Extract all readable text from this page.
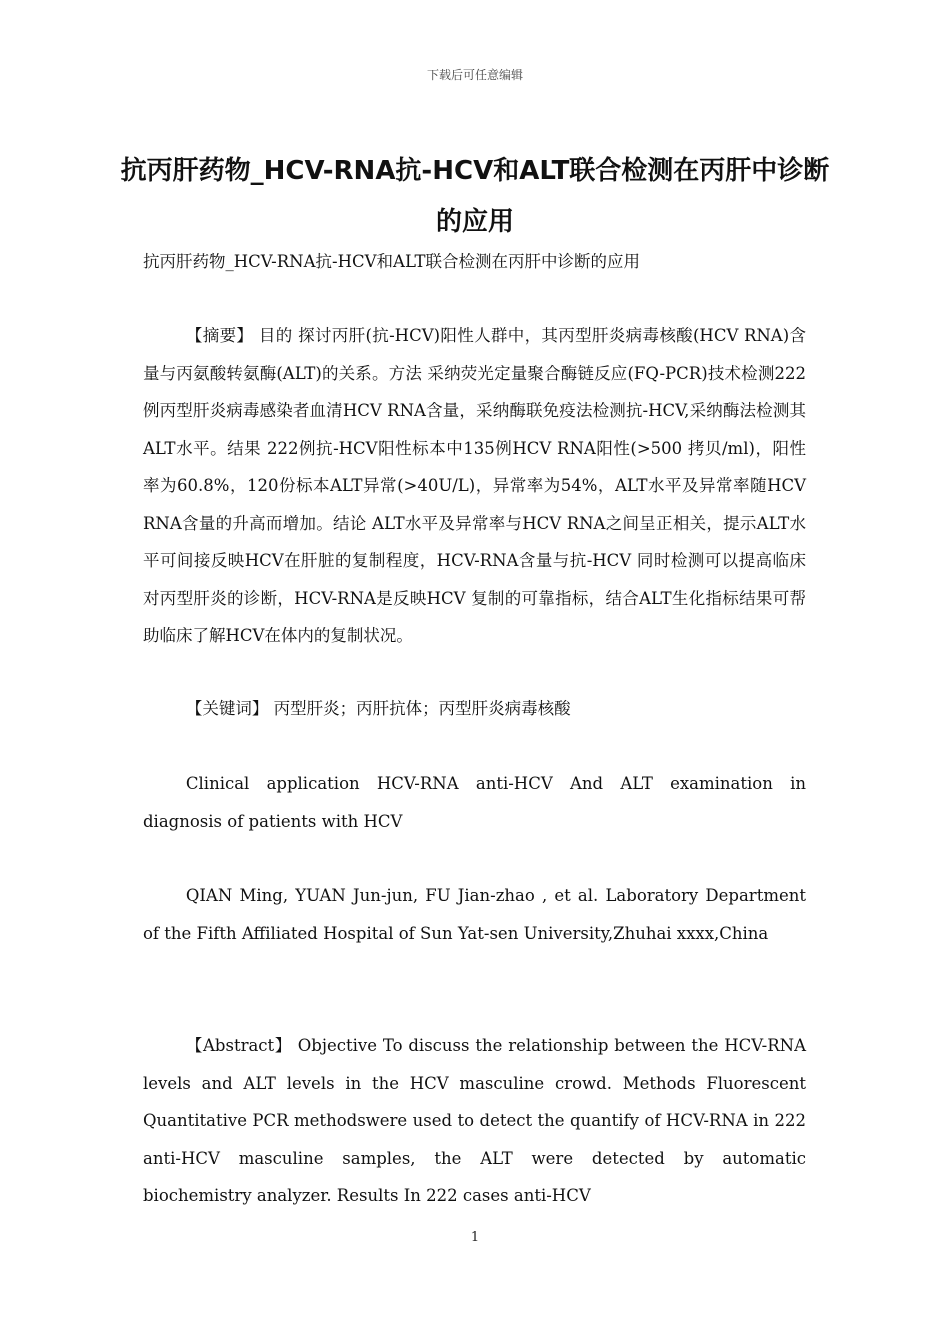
下载后可任意编辑
抗丙肝药物_HCV-RNA抗-HCV和ALT联合检测在丙肝中诊断的应用
抗丙肝药物_HCV-RNA抗-HCV和ALT联合检测在丙肝中诊断的应用

【摘要】 目的 探讨丙肝(抗-HCV)阳性人群中，其丙型肝炎病毒核酸(HCV RNA)含量与丙氨酸转氨酶(ALT)的关系。方法 采纳荧光定量聚合酶链反应(FQ-PCR)技术检测222例丙型肝炎病毒感染者血清HCV RNA含量，采纳酶联免疫法检测抗-HCV,采纳酶法检测其ALT水平。结果 222例抗-HCV阳性标本中135例HCV RNA阳性(>500 拷贝/ml)，阳性率为60.8%，120份标本ALT异常(>40U/L)，异常率为54%，ALT水平及异常率随HCV RNA含量的升高而增加。结论 ALT水平及异常率与HCV RNA之间呈正相关，提示ALT水平可间接反映HCV在肝脏的复制程度，HCV-RNA含量与抗-HCV 同时检测可以提高临床对丙型肝炎的诊断，HCV-RNA是反映HCV 复制的可靠指标，结合ALT生化指标结果可帮助临床了解HCV在体内的复制状况。

【关键词】 丙型肝炎；丙肝抗体；丙型肝炎病毒核酸

Clinical application HCV-RNA anti-HCV And ALT examination in diagnosis of patients with HCV

QIAN Ming, YUAN Jun-jun, FU Jian-zhao , et al. Laboratory Department of the Fifth Affiliated Hospital of Sun Yat-sen University,Zhuhai xxxx,China

【Abstract】 Objective To discuss the relationship between the HCV-RNA levels and ALT levels in the HCV masculine crowd. Methods Fluorescent Quantitative PCR methodswere used to detect the quantify of HCV-RNA in 222 anti-HCV masculine samples, the ALT were detected by automatic biochemistry analyzer. Results In 222 cases anti-HCV

1
